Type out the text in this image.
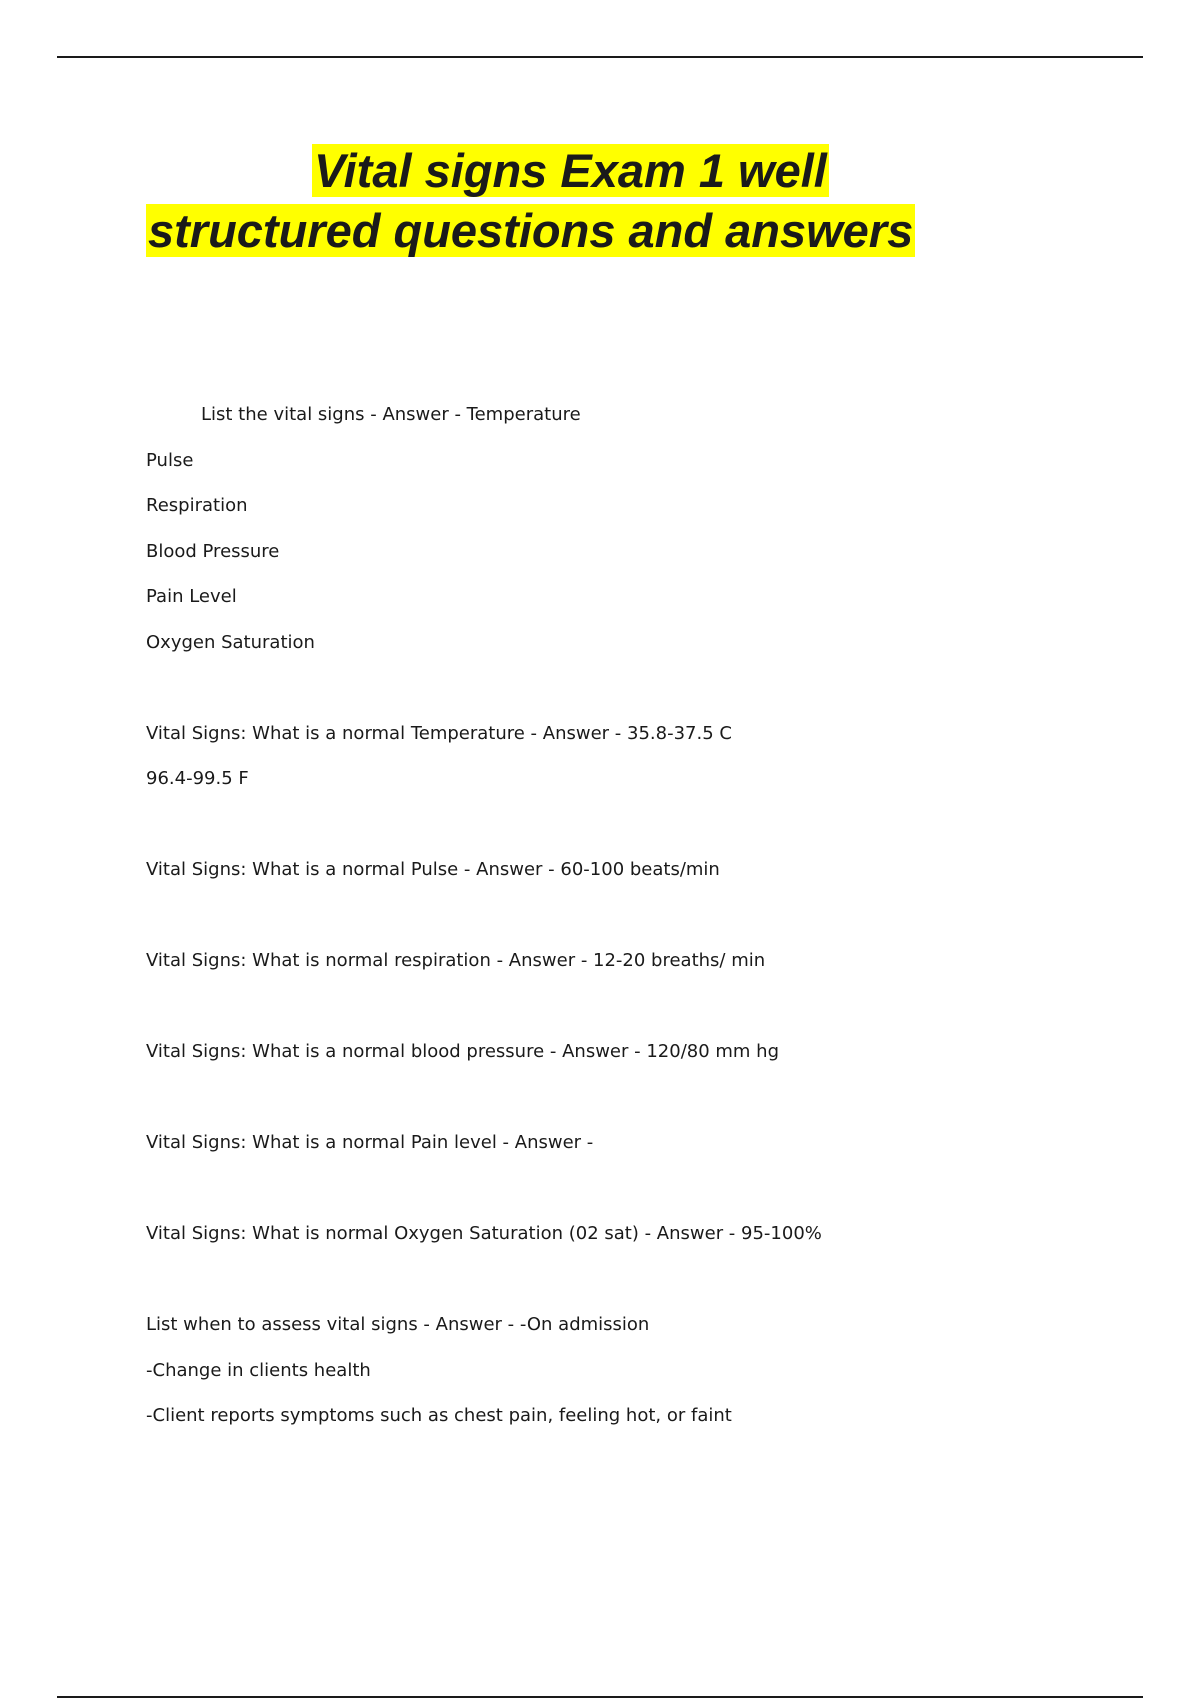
Vital signs Exam 1 well
structured questions and answers

List the vital signs - Answer - Temperature

Pulse

Respiration

Blood Pressure

Pain Level

Oxygen Saturation

Vital Signs: What is a normal Temperature - Answer - 35.8-37.5 C

96.4-99.5 F

Vital Signs: What is a normal Pulse - Answer - 60-100 beats/min

Vital Signs: What is normal respiration - Answer - 12-20 breaths/ min

Vital Signs: What is a normal blood pressure - Answer - 120/80 mm hg

Vital Signs: What is a normal Pain level - Answer -

Vital Signs: What is normal Oxygen Saturation (02 sat) - Answer - 95-100%

List when to assess vital signs - Answer - -On admission

-Change in clients health

-Client reports symptoms such as chest pain, feeling hot, or faint
